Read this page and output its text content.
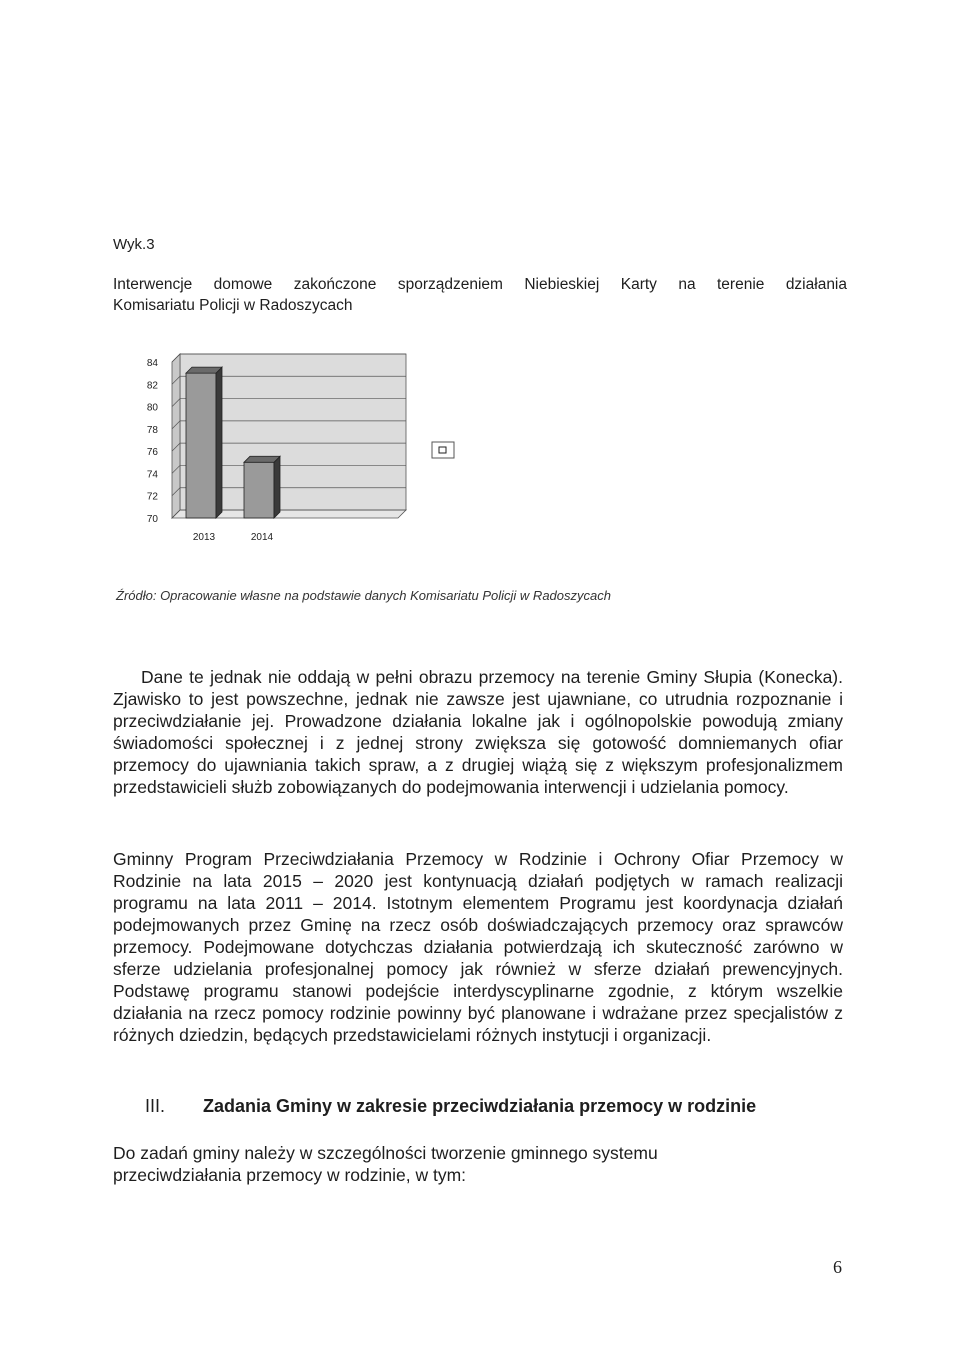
Wyk.3
Interwencje domowe zakończone sporządzeniem Niebieskiej Karty na terenie działania
Komisariatu Policji w Radoszycach
70
72
74
76
78
80
82
84
2013	2014
Źródło: Opracowanie własne na podstawie danych Komisariatu Policji w Radoszycach
Dane te jednak nie oddają w pełni obrazu przemocy na terenie Gminy Słupia (Konecka). Zjawisko to jest powszechne, jednak nie zawsze jest ujawniane, co utrudnia rozpoznanie i przeciwdziałanie jej. Prowadzone działania lokalne jak i ogólnopolskie powodują zmiany świadomości społecznej i z jednej strony zwiększa się gotowość domniemanych ofiar przemocy do ujawniania takich spraw, a z drugiej wiążą się z większym profesjonalizmem przedstawicieli służb zobowiązanych do podejmowania interwencji i udzielania pomocy.
Gminny Program Przeciwdziałania Przemocy w Rodzinie i Ochrony Ofiar Przemocy w Rodzinie na lata 2015 – 2020 jest kontynuacją działań podjętych w ramach realizacji programu na lata 2011 – 2014. Istotnym elementem Programu jest koordynacja działań podejmowanych przez Gminę na rzecz osób doświadczających przemocy oraz sprawców przemocy. Podejmowane dotychczas działania potwierdzają ich skuteczność zarówno w sferze udzielania profesjonalnej pomocy jak również w sferze działań prewencyjnych. Podstawę programu stanowi podejście interdyscyplinarne zgodnie, z którym wszelkie działania na rzecz pomocy rodzinie powinny być planowane i wdrażane przez specjalistów z różnych dziedzin, będących przedstawicielami różnych instytucji i organizacji.
III. Zadania Gminy w zakresie przeciwdziałania przemocy w rodzinie
Do zadań gminy należy w szczególności tworzenie gminnego systemu przeciwdziałania przemocy w rodzinie, w tym:
6
